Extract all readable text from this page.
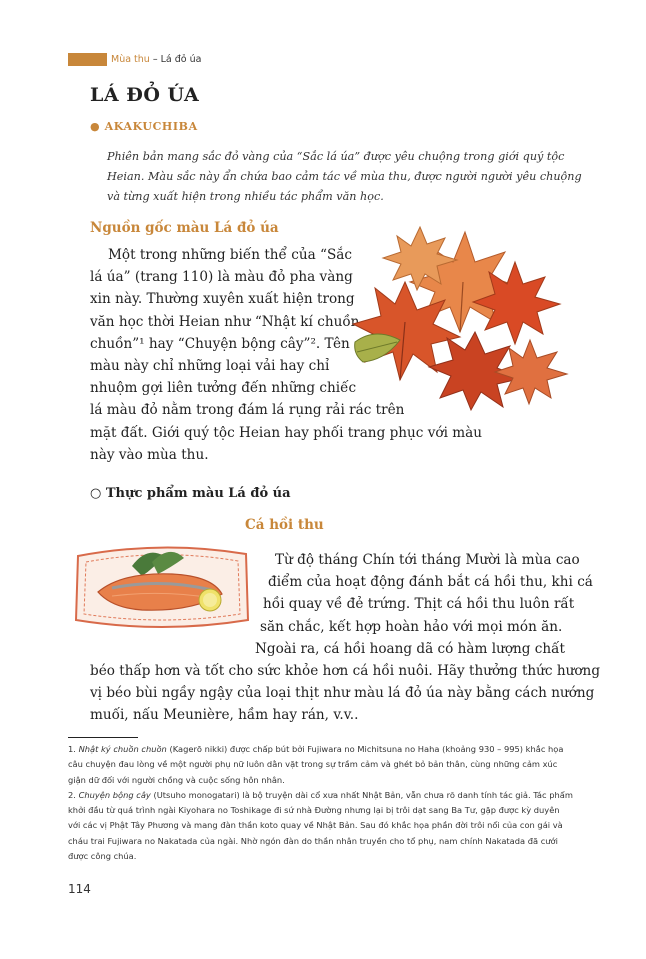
Mùa thu – Lá đỏ úa
LÁ ĐỎ ÚA
● AKAKUCHIBA
Phiên bản mang sắc đỏ vàng của “Sắc lá úa” được yêu chuộng trong giới quý tộc
Heian. Màu sắc này ẩn chứa bao cảm tác về mùa thu, được người người yêu chuộng
và từng xuất hiện trong nhiều tác phẩm văn học.
Nguồn gốc màu Lá đỏ úa
Một trong những biến thể của “Sắc
lá úa” (trang 110) là màu đỏ pha vàng
xin này. Thường xuyên xuất hiện trong
văn học thời Heian như “Nhật kí chuồn
chuồn”¹ hay “Chuyện bộng cây”². Tên
màu này chỉ những loại vải hay chỉ
nhuộm gợi liên tưởng đến những chiếc
lá màu đỏ nằm trong đám lá rụng rải rác trên
mặt đất. Giới quý tộc Heian hay phối trang phục với màu
này vào mùa thu.
○ Thực phẩm màu Lá đỏ úa
Cá hồi thu
Từ độ tháng Chín tới tháng Mười là mùa cao
điểm của hoạt động đánh bắt cá hồi thu, khi cá
hồi quay về đẻ trứng. Thịt cá hồi thu luôn rất
săn chắc, kết hợp hoàn hảo với mọi món ăn.
Ngoài ra, cá hồi hoang dã có hàm lượng chất
béo thấp hơn và tốt cho sức khỏe hơn cá hồi nuôi. Hãy thưởng thức hương
vị béo bùi ngầy ngậy của loại thịt như màu lá đỏ úa này bằng cách nướng
muối, nấu Meunière, hầm hay rán, v.v..

1. Nhật ký chuồn chuồn (Kagerō nikki) được chấp bút bởi Fujiwara no Michitsuna no Haha (khoảng 930 – 995) khắc họa câu chuyện đau lòng về một người phụ nữ luôn dằn vặt trong sự trầm cảm và ghét bỏ bản thân, cùng những cảm xúc giận dữ đối với người chồng và cuộc sống hôn nhân.

2. Chuyện bộng cây (Utsuho monogatari) là bộ truyện dài cổ xưa nhất Nhật Bản, vẫn chưa rõ danh tính tác giả. Tác phẩm khởi đầu từ quá trình ngài Kiyohara no Toshikage đi sứ nhà Đường nhưng lại bị trôi dạt sang Ba Tư, gặp được kỳ duyên với các vị Phật Tây Phương và mang đàn thần koto quay về Nhật Bản. Sau đó khắc họa phần đời trôi nổi của con gái và cháu trai Fujiwara no Nakatada của ngài. Nhờ ngón đàn do thần nhân truyền cho tổ phụ, nam chính Nakatada đã cưới được công chúa.

114
